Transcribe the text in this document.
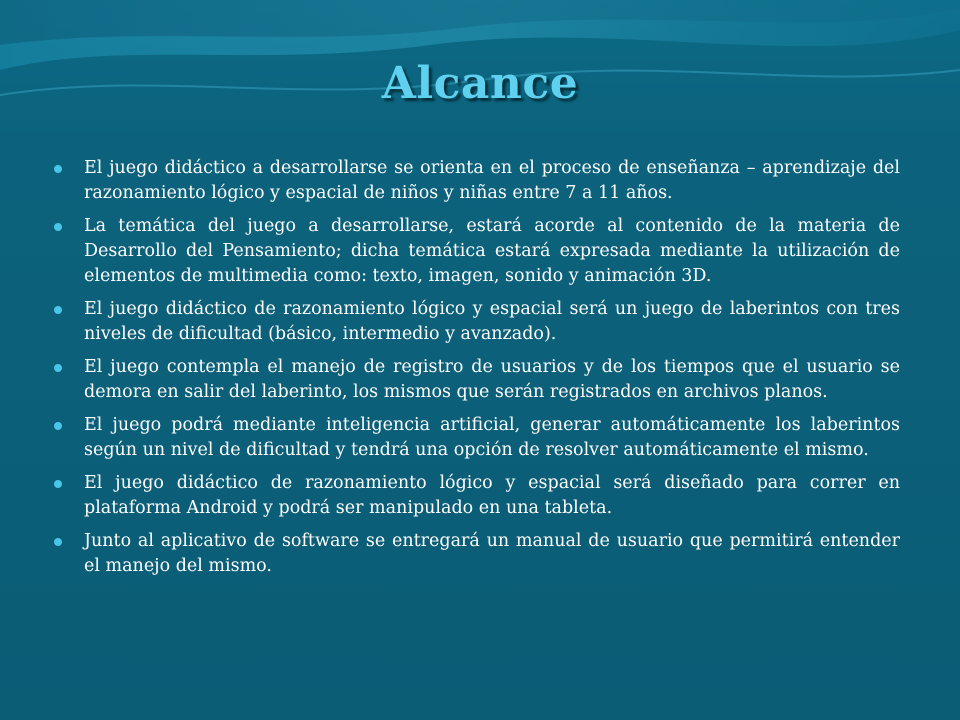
Alcance
El juego didáctico a desarrollarse se orienta en el proceso de enseñanza – aprendizaje del razonamiento lógico y espacial de niños y niñas entre 7 a 11 años.
La temática del juego a desarrollarse, estará acorde al contenido de la materia de Desarrollo del Pensamiento; dicha temática estará expresada mediante la utilización de elementos de multimedia como: texto, imagen, sonido y animación 3D.
El juego didáctico de razonamiento lógico y espacial será un juego de laberintos con tres niveles de dificultad (básico, intermedio y avanzado).
El juego contempla el manejo de registro de usuarios y de los tiempos que el usuario se demora en salir del laberinto, los mismos que serán registrados en archivos planos.
El juego podrá mediante inteligencia artificial, generar automáticamente los laberintos según un nivel de dificultad y tendrá una opción de resolver automáticamente el mismo.
El juego didáctico de razonamiento lógico y espacial será diseñado para correr en plataforma Android y podrá ser manipulado en una tableta.
Junto al aplicativo de software se entregará un manual de usuario que permitirá entender el manejo del mismo.
